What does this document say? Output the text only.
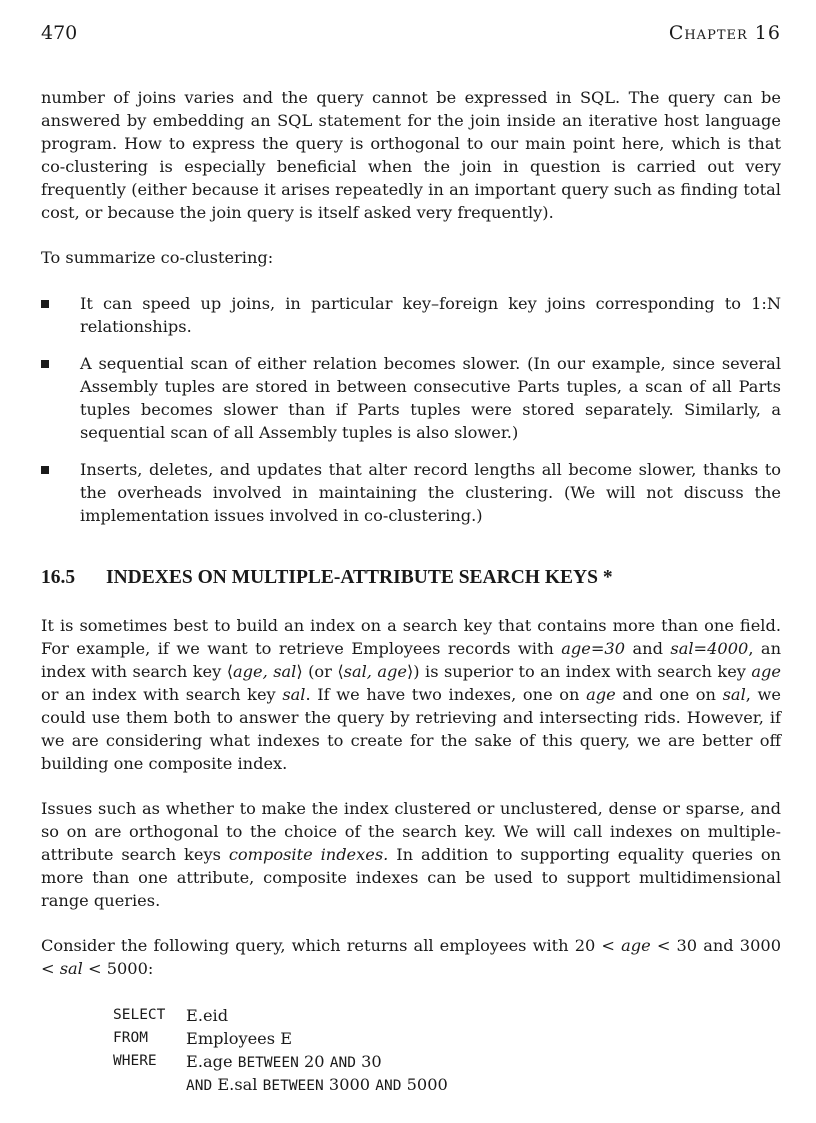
470	Chapter 16

number of joins varies and the query cannot be expressed in SQL. The query can be answered by embedding an SQL statement for the join inside an iterative host language program. How to express the query is orthogonal to our main point here, which is that co-clustering is especially beneficial when the join in question is carried out very frequently (either because it arises repeatedly in an important query such as finding total cost, or because the join query is itself asked very frequently).

To summarize co-clustering:

It can speed up joins, in particular key–foreign key joins corresponding to 1:N relationships.
A sequential scan of either relation becomes slower. (In our example, since several Assembly tuples are stored in between consecutive Parts tuples, a scan of all Parts tuples becomes slower than if Parts tuples were stored separately. Similarly, a sequential scan of all Assembly tuples is also slower.)
Inserts, deletes, and updates that alter record lengths all become slower, thanks to the overheads involved in maintaining the clustering. (We will not discuss the implementation issues involved in co-clustering.)
16.5 INDEXES ON MULTIPLE-ATTRIBUTE SEARCH KEYS *

It is sometimes best to build an index on a search key that contains more than one field. For example, if we want to retrieve Employees records with age=30 and sal=4000, an index with search key ⟨age, sal⟩ (or ⟨sal, age⟩) is superior to an index with search key age or an index with search key sal. If we have two indexes, one on age and one on sal, we could use them both to answer the query by retrieving and intersecting rids. However, if we are considering what indexes to create for the sake of this query, we are better off building one composite index.

Issues such as whether to make the index clustered or unclustered, dense or sparse, and so on are orthogonal to the choice of the search key. We will call indexes on multiple-attribute search keys composite indexes. In addition to supporting equality queries on more than one attribute, composite indexes can be used to support multidimensional range queries.

Consider the following query, which returns all employees with 20 < age < 30 and 3000 < sal < 5000:

SELECT E.eid
FROM Employees E
WHERE E.age BETWEEN 20 AND 30
AND E.sal BETWEEN 3000 AND 5000
